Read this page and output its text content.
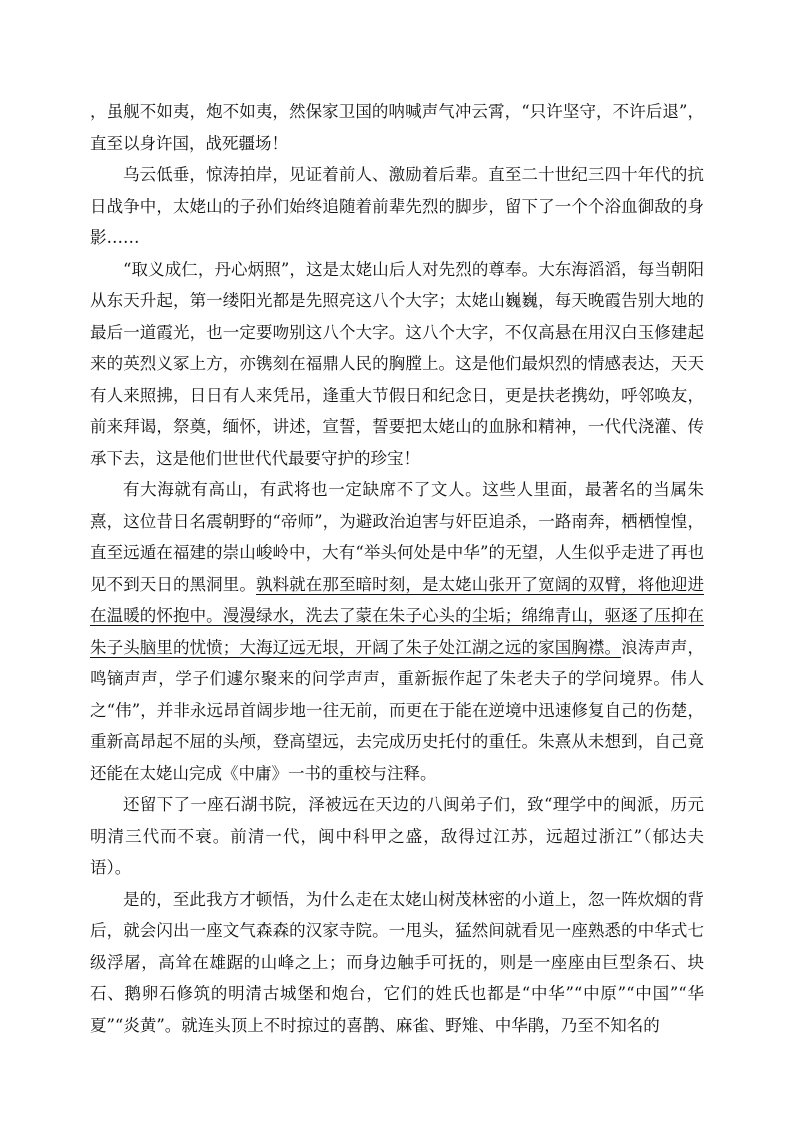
，虽舰不如夷，炮不如夷，然保家卫国的呐喊声气冲云霄，“只许坚守，不许后退”，直至以身许国，战死疆场！

乌云低垂，惊涛拍岸，见证着前人、激励着后辈。直至二十世纪三四十年代的抗日战争中，太姥山的子孙们始终追随着前辈先烈的脚步，留下了一个个浴血御敌的身影……

“取义成仁，丹心炳照”，这是太姥山后人对先烈的尊奉。大东海滔滔，每当朝阳从东天升起，第一缕阳光都是先照亮这八个大字；太姥山巍巍，每天晚霞告别大地的最后一道霞光，也一定要吻别这八个大字。这八个大字，不仅高悬在用汉白玉修建起来的英烈义冢上方，亦镌刻在福鼎人民的胸膛上。这是他们最炽烈的情感表达，天天有人来照拂，日日有人来凭吊，逢重大节假日和纪念日，更是扶老携幼，呼邻唤友，前来拜谒，祭奠，缅怀，讲述，宣誓，誓要把太姥山的血脉和精神，一代代浇灌、传承下去，这是他们世世代代最要守护的珍宝！

有大海就有高山，有武将也一定缺席不了文人。这些人里面，最著名的当属朱熹，这位昔日名震朝野的“帝师”，为避政治迫害与奸臣追杀，一路南奔，栖栖惶惶，直至远遁在福建的崇山峻岭中，大有“举头何处是中华”的无望，人生似乎走进了再也见不到天日的黑洞里。孰料就在那至暗时刻，是太姥山张开了宽阔的双臂，将他迎进在温暖的怀抱中。漫漫绿水，洗去了蒙在朱子心头的尘垢；绵绵青山，驱逐了压抑在朱子头脑里的忧愤；大海辽远无垠，开阔了朱子处江湖之远的家国胸襟。浪涛声声，鸣镝声声，学子们遽尔聚来的问学声声，重新振作起了朱老夫子的学问境界。伟人之“伟”，并非永远昂首阔步地一往无前，而更在于能在逆境中迅速修复自己的伤楚，重新高昂起不屈的头颅，登高望远，去完成历史托付的重任。朱熹从未想到，自己竟还能在太姥山完成《中庸》一书的重校与注释。

还留下了一座石湖书院，泽被远在天边的八闽弟子们，致“理学中的闽派，历元明清三代而不衰。前清一代，闽中科甲之盛，敌得过江苏，远超过浙江”（郁达夫语）。

是的，至此我方才顿悟，为什么走在太姥山树茂林密的小道上，忽一阵炊烟的背后，就会闪出一座文气森森的汉家寺院。一甩头，猛然间就看见一座熟悉的中华式七级浮屠，高耸在雄踞的山峰之上；而身边触手可抚的，则是一座座由巨型条石、块石、鹅卵石修筑的明清古城堡和炮台，它们的姓氏也都是“中华”“中原”“中国”“华夏”“炎黄”。就连头顶上不时掠过的喜鹊、麻雀、野雉、中华鹃，乃至不知名的
